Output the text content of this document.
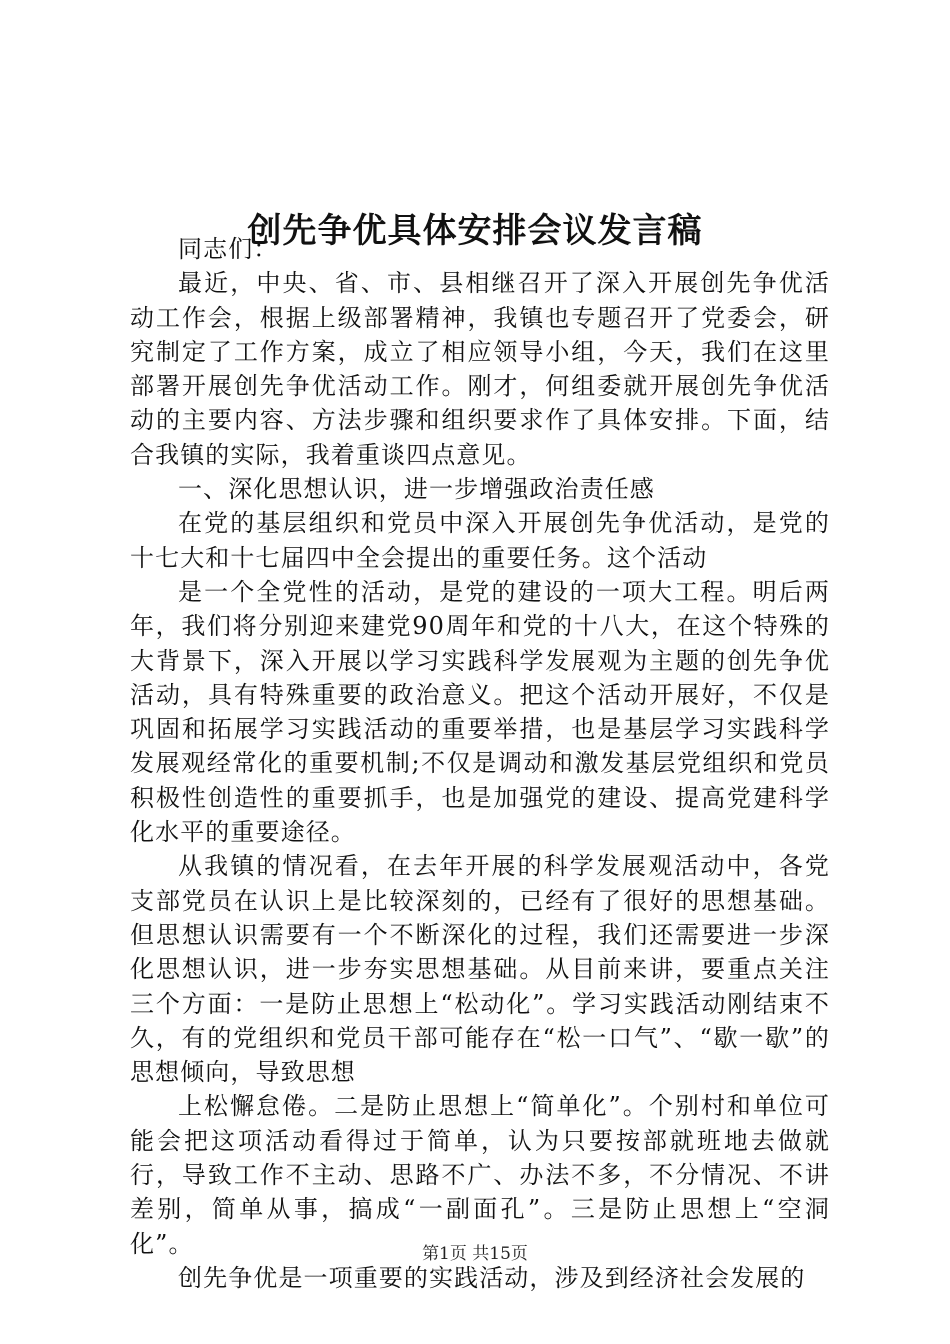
创先争优具体安排会议发言稿

同志们：

最近，中央、省、市、县相继召开了深入开展创先争优活动工作会，根据上级部署精神，我镇也专题召开了党委会，研究制定了工作方案，成立了相应领导小组，今天，我们在这里部署开展创先争优活动工作。刚才，何组委就开展创先争优活动的主要内容、方法步骤和组织要求作了具体安排。下面，结合我镇的实际，我着重谈四点意见。

一、深化思想认识，进一步增强政治责任感

在党的基层组织和党员中深入开展创先争优活动，是党的十七大和十七届四中全会提出的重要任务。这个活动

是一个全党性的活动，是党的建设的一项大工程。明后两年，我们将分别迎来建党90周年和党的十八大，在这个特殊的大背景下，深入开展以学习实践科学发展观为主题的创先争优活动，具有特殊重要的政治意义。把这个活动开展好，不仅是巩固和拓展学习实践活动的重要举措，也是基层学习实践科学发展观经常化的重要机制;不仅是调动和激发基层党组织和党员积极性创造性的重要抓手，也是加强党的建设、提高党建科学化水平的重要途径。

从我镇的情况看，在去年开展的科学发展观活动中，各党支部党员在认识上是比较深刻的，已经有了很好的思想基础。但思想认识需要有一个不断深化的过程，我们还需要进一步深化思想认识，进一步夯实思想基础。从目前来讲，要重点关注三个方面：一是防止思想上“松动化”。学习实践活动刚结束不久，有的党组织和党员干部可能存在“松一口气”、“歇一歇”的思想倾向，导致思想

上松懈怠倦。二是防止思想上“简单化”。个别村和单位可能会把这项活动看得过于简单，认为只要按部就班地去做就行，导致工作不主动、思路不广、办法不多，不分情况、不讲差别，简单从事，搞成“一副面孔”。三是防止思想上“空洞化”。

创先争优是一项重要的实践活动，涉及到经济社会发展的

第1页 共15页
